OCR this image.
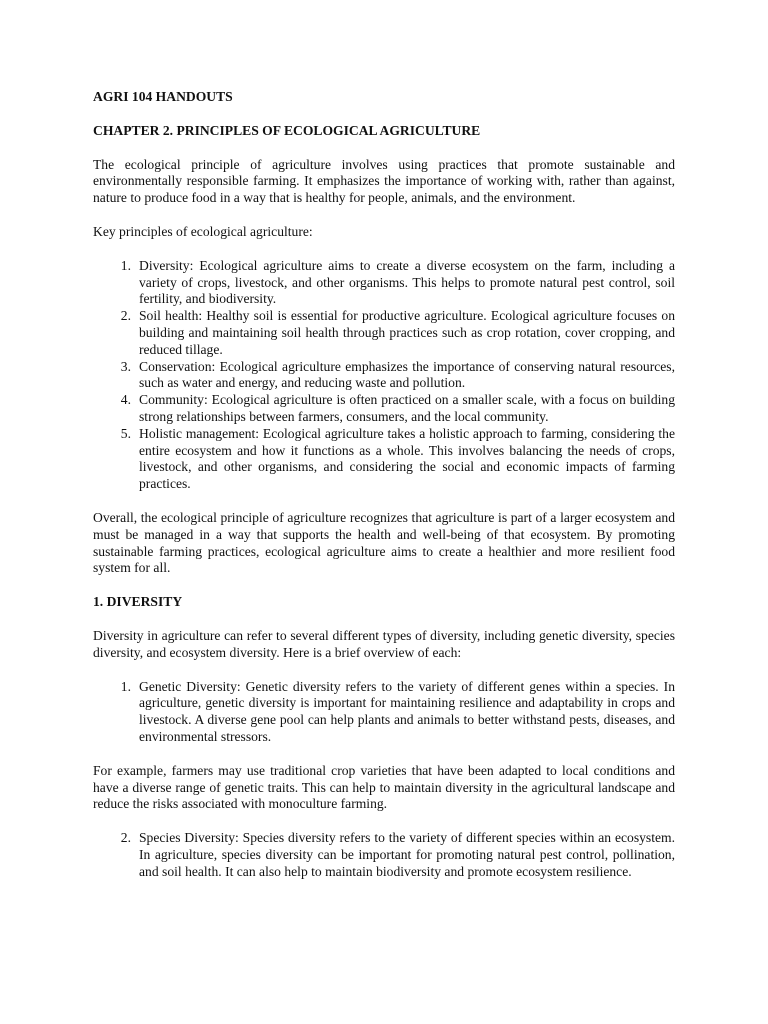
AGRI 104 HANDOUTS
CHAPTER 2. PRINCIPLES OF ECOLOGICAL AGRICULTURE

The ecological principle of agriculture involves using practices that promote sustainable and environmentally responsible farming. It emphasizes the importance of working with, rather than against, nature to produce food in a way that is healthy for people, animals, and the environment.

Key principles of ecological agriculture:

1. Diversity: Ecological agriculture aims to create a diverse ecosystem on the farm, including a variety of crops, livestock, and other organisms. This helps to promote natural pest control, soil fertility, and biodiversity.
2. Soil health: Healthy soil is essential for productive agriculture. Ecological agriculture focuses on building and maintaining soil health through practices such as crop rotation, cover cropping, and reduced tillage.
3. Conservation: Ecological agriculture emphasizes the importance of conserving natural resources, such as water and energy, and reducing waste and pollution.
4. Community: Ecological agriculture is often practiced on a smaller scale, with a focus on building strong relationships between farmers, consumers, and the local community.
5. Holistic management: Ecological agriculture takes a holistic approach to farming, considering the entire ecosystem and how it functions as a whole. This involves balancing the needs of crops, livestock, and other organisms, and considering the social and economic impacts of farming practices.

Overall, the ecological principle of agriculture recognizes that agriculture is part of a larger ecosystem and must be managed in a way that supports the health and well-being of that ecosystem. By promoting sustainable farming practices, ecological agriculture aims to create a healthier and more resilient food system for all.

1. DIVERSITY

Diversity in agriculture can refer to several different types of diversity, including genetic diversity, species diversity, and ecosystem diversity. Here is a brief overview of each:

1. Genetic Diversity: Genetic diversity refers to the variety of different genes within a species. In agriculture, genetic diversity is important for maintaining resilience and adaptability in crops and livestock. A diverse gene pool can help plants and animals to better withstand pests, diseases, and environmental stressors.

For example, farmers may use traditional crop varieties that have been adapted to local conditions and have a diverse range of genetic traits. This can help to maintain diversity in the agricultural landscape and reduce the risks associated with monoculture farming.

2. Species Diversity: Species diversity refers to the variety of different species within an ecosystem. In agriculture, species diversity can be important for promoting natural pest control, pollination, and soil health. It can also help to maintain biodiversity and promote ecosystem resilience.
